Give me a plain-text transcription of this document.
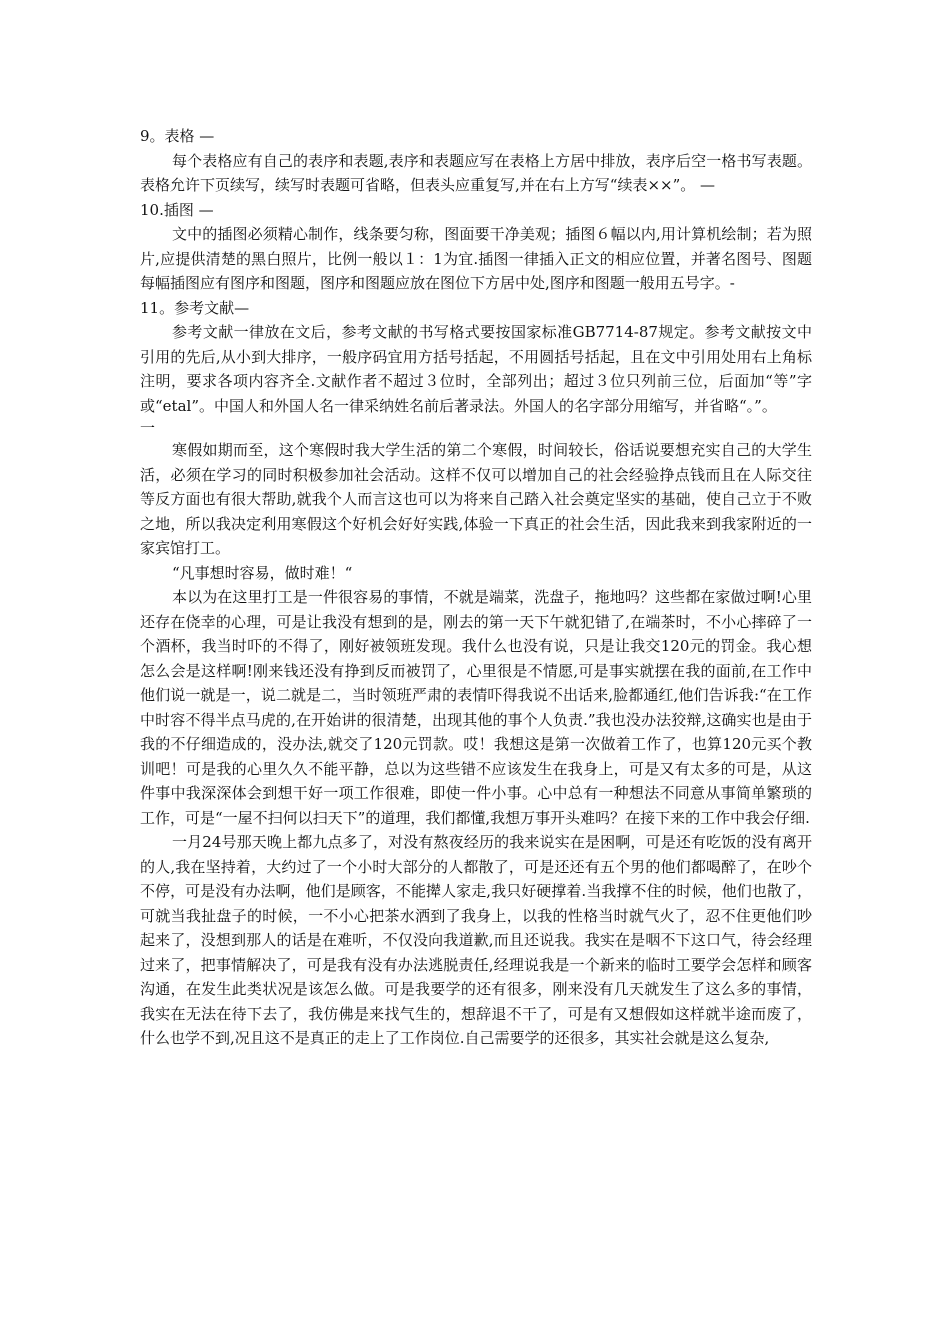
9。表格 —

每个表格应有自己的表序和表题,表序和表题应写在表格上方居中排放，表序后空一格书写表题。表格允许下页续写，续写时表题可省略，但表头应重复写,并在右上方写“续表××”。 —

10.插图 —

文中的插图必须精心制作，线条要匀称，图面要干净美观；插图６幅以内,用计算机绘制；若为照片,应提供清楚的黑白照片，比例一般以１：1为宜.插图一律插入正文的相应位置，并著名图号、图题每幅插图应有图序和图题，图序和图题应放在图位下方居中处,图序和图题一般用五号字。-

11。参考文献—

参考文献一律放在文后，参考文献的书写格式要按国家标准GB7714-87规定。参考文献按文中引用的先后,从小到大排序，一般序码宜用方括号括起，不用圆括号括起，且在文中引用处用右上角标注明，要求各项内容齐全.文献作者不超过３位时，全部列出；超过３位只列前三位，后面加“等”字或“etal”。中国人和外国人名一律采纳姓名前后著录法。外国人的名字部分用缩写，并省略“。”。

一

寒假如期而至，这个寒假时我大学生活的第二个寒假，时间较长，俗话说要想充实自己的大学生活，必须在学习的同时积极参加社会活动。这样不仅可以增加自己的社会经验挣点钱而且在人际交往等反方面也有很大帮助,就我个人而言这也可以为将来自己踏入社会奠定坚实的基础，使自己立于不败之地，所以我决定利用寒假这个好机会好好实践,体验一下真正的社会生活，因此我来到我家附近的一家宾馆打工。

“凡事想时容易，做时难！“

本以为在这里打工是一件很容易的事情，不就是端菜，洗盘子，拖地吗？这些都在家做过啊!心里还存在侥幸的心理，可是让我没有想到的是，刚去的第一天下午就犯错了,在端茶时，不小心摔碎了一个酒杯，我当时吓的不得了，刚好被领班发现。我什么也没有说，只是让我交120元的罚金。我心想怎么会是这样啊!刚来钱还没有挣到反而被罚了，心里很是不情愿,可是事实就摆在我的面前,在工作中他们说一就是一，说二就是二，当时领班严肃的表情吓得我说不出话来,脸都通红,他们告诉我:“在工作中时容不得半点马虎的,在开始讲的很清楚，出现其他的事个人负责.”我也没办法狡辩,这确实也是由于我的不仔细造成的，没办法,就交了120元罚款。哎！我想这是第一次做着工作了，也算120元买个教训吧！可是我的心里久久不能平静，总以为这些错不应该发生在我身上，可是又有太多的可是，从这件事中我深深体会到想干好一项工作很难，即使一件小事。心中总有一种想法不同意从事简单繁琐的工作，可是“一屋不扫何以扫天下”的道理，我们都懂,我想万事开头难吗？在接下来的工作中我会仔细.

一月24号那天晚上都九点多了，对没有熬夜经历的我来说实在是困啊，可是还有吃饭的没有离开的人,我在坚持着，大约过了一个小时大部分的人都散了，可是还还有五个男的他们都喝醉了，在吵个不停，可是没有办法啊，他们是顾客，不能撵人家走,我只好硬撑着.当我撑不住的时候，他们也散了，可就当我扯盘子的时候，一不小心把茶水洒到了我身上，以我的性格当时就气火了，忍不住更他们吵起来了，没想到那人的话是在难听，不仅没向我道歉,而且还说我。我实在是咽不下这口气，待会经理过来了，把事情解决了，可是我有没有办法逃脱责任,经理说我是一个新来的临时工要学会怎样和顾客沟通，在发生此类状况是该怎么做。可是我要学的还有很多，刚来没有几天就发生了这么多的事情，我实在无法在待下去了，我仿佛是来找气生的，想辞退不干了，可是有又想假如这样就半途而废了，什么也学不到,况且这不是真正的走上了工作岗位.自己需要学的还很多，其实社会就是这么复杂,
